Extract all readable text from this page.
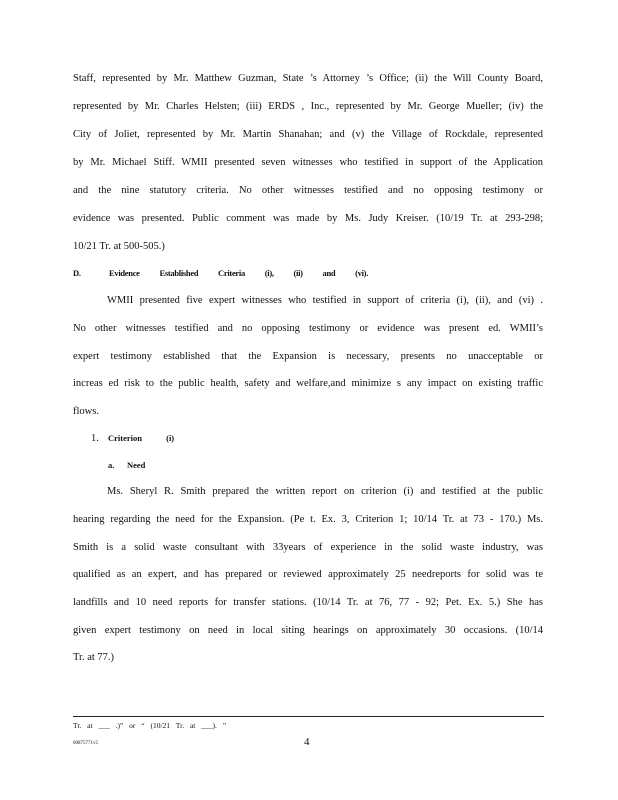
Staff, represented by Mr. Matthew Guzman, State ’s Attorney ’s Office; (ii) the Will County Board,
represented by Mr. Charles Helsten; (iii) ERDS , Inc., represented by Mr. George Mueller; (iv) the
City of Joliet, represented by Mr. Martin Shanahan; and (v) the Village of Rockdale, represented
by Mr. Michael Stiff. WMII presented seven witnesses who testified in support of the Application
and the nine statutory criteria. No other witnesses testified and no opposing testimony or
evidence was presented. Public comment was made by Ms. Judy Kreiser. (10/19 Tr. at 293-298;
10/21 Tr. at 500-505.)
D.	Evidence Established Criteria (i), (ii) and (vi).
WMII presented five expert witnesses who testified in support of criteria (i), (ii), and (vi) .
No other witnesses testified and no opposing testimony or evidence was present ed. WMII’s
expert testimony established that the Expansion is necessary, presents no unacceptable or
increas ed risk to the public health, safety and welfare,and minimize s any impact on existing traffic
flows.
1. Criterion (i)
a. Need
Ms. Sheryl R. Smith prepared the written report on criterion (i) and testified at the public
hearing regarding the need for the Expansion. (Pe t. Ex. 3, Criterion 1; 10/14 Tr. at 73 - 170.) Ms.
Smith is a solid waste consultant with 33years of experience in the solid waste industry, was
qualified as an expert, and has prepared or reviewed approximately 25 needreports for solid was te
landfills and 10 need reports for transfer stations. (10/14 Tr. at 76, 77 - 92; Pet. Ex. 5.) She has
given expert testimony on need in local siting hearings on approximately 30 occasions. (10/14
Tr. at 77.)
Tr. at ___ .)” or “ (10/21 Tr. at ___). ”
00875771v5	4
